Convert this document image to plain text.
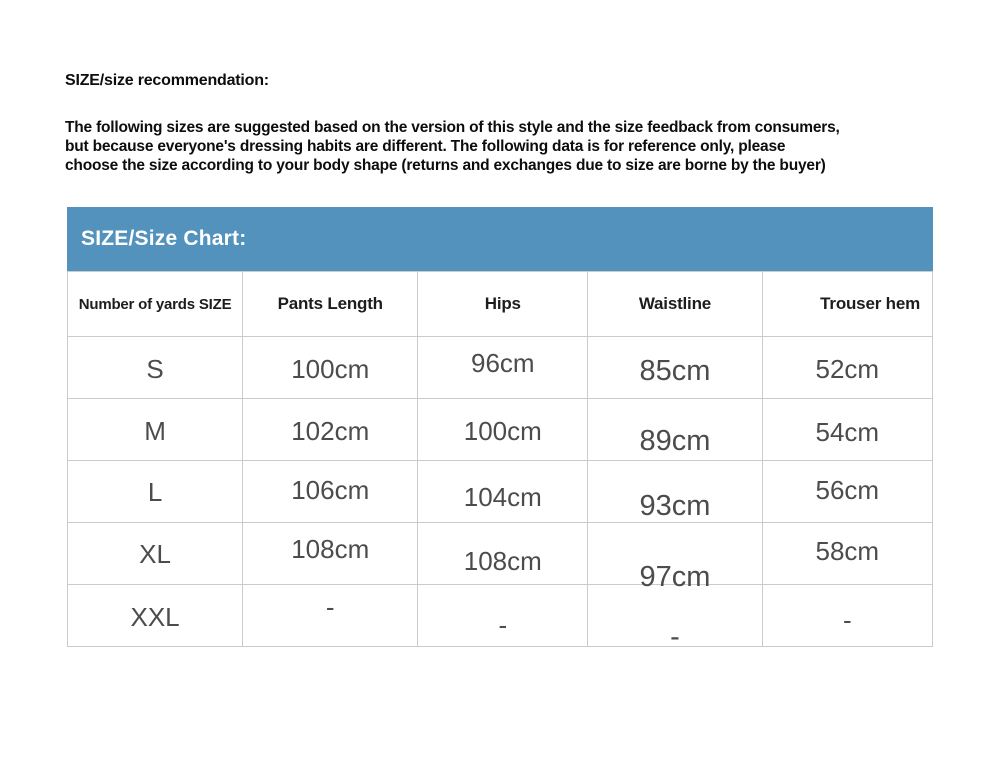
SIZE/size recommendation:
The following sizes are suggested based on the version of this style and the size feedback from consumers,
but because everyone's dressing habits are different. The following data is for reference only, please
choose the size according to your body shape (returns and exchanges due to size are borne by the buyer)
SIZE/Size Chart:
Number of yards SIZE	Pants Length	Hips	Waistline	Trouser hem
S	100cm	96cm	85cm	52cm
M	102cm	100cm	89cm	54cm
L	106cm	104cm	93cm	56cm
XL	108cm	108cm	97cm	58cm
XXL	-	-	-	-
